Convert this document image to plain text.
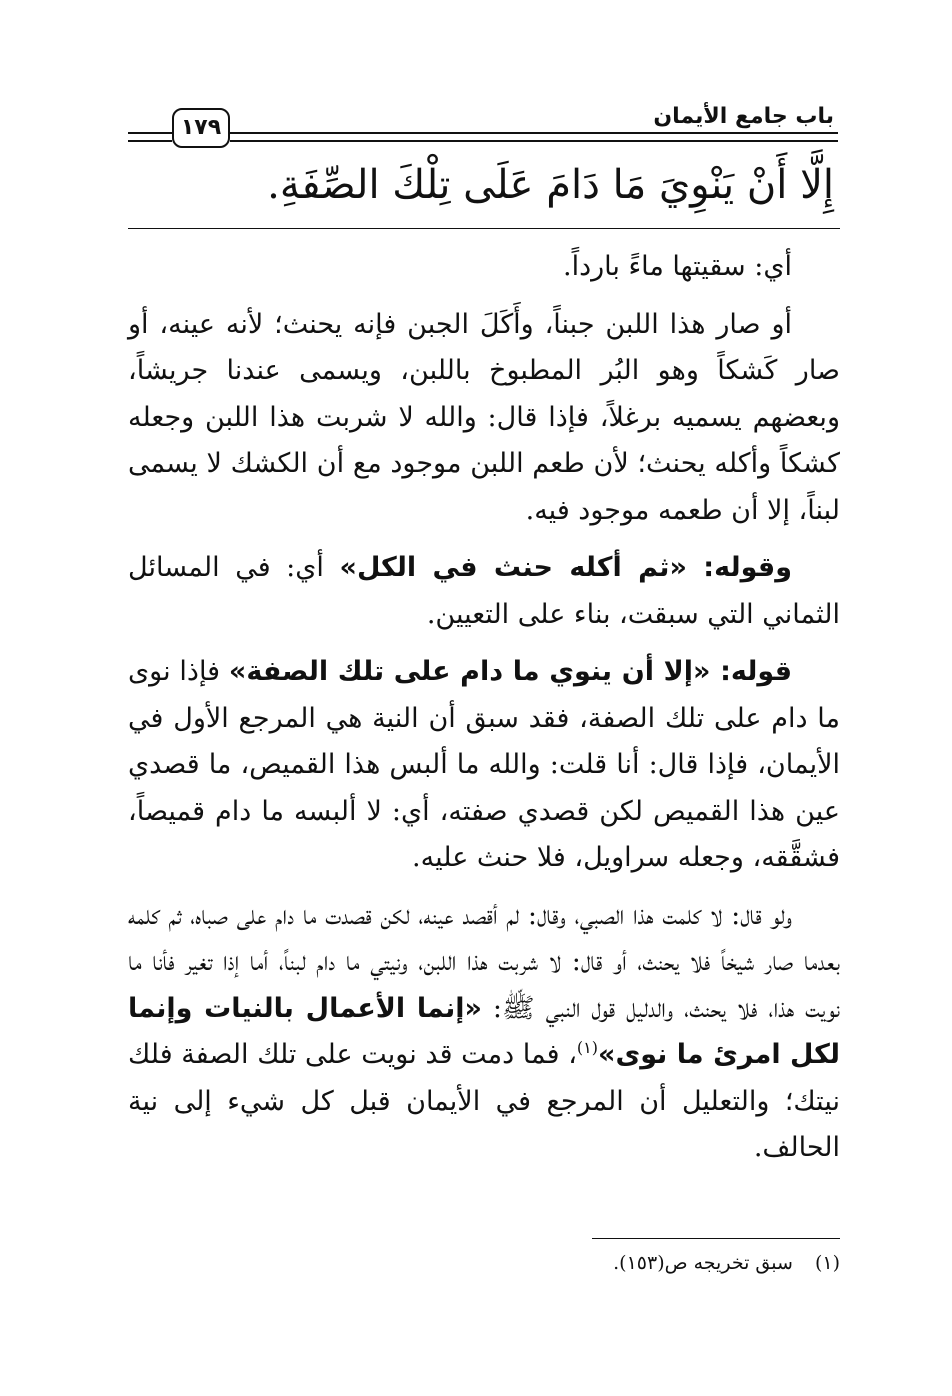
باب جامع الأيمان
١٧٩
إِلَّا أَنْ يَنْوِيَ مَا دَامَ عَلَى تِلْكَ الصِّفَةِ.

أي: سقيتها ماءً بارداً.

أو صار هذا اللبن جبناً، وأَكَلَ الجبن فإنه يحنث؛ لأنه عينه، أو صار كَشكاً وهو البُر المطبوخ باللبن، ويسمى عندنا جريشاً، وبعضهم يسميه برغلاً، فإذا قال: والله لا شربت هذا اللبن وجعله كشكاً وأكله يحنث؛ لأن طعم اللبن موجود مع أن الكشك لا يسمى لبناً، إلا أن طعمه موجود فيه.

وقوله: «ثم أكله حنث في الكل» أي: في المسائل الثماني التي سبقت، بناء على التعيين.

قوله: «إلا أن ينوي ما دام على تلك الصفة» فإذا نوى ما دام على تلك الصفة، فقد سبق أن النية هي المرجع الأول في الأيمان، فإذا قال: أنا قلت: والله ما ألبس هذا القميص، ما قصدي عين هذا القميص لكن قصدي صفته، أي: لا ألبسه ما دام قميصاً، فشقَّقه، وجعله سراويل، فلا حنث عليه.

ولو قال: لا كلمت هذا الصبي، وقال: لم أقصد عينه، لكن قصدت ما دام على صباه، ثم كلمه بعدما صار شيخاً فلا يحنث، أو قال: لا شربت هذا اللبن، ونيتي ما دام لبناً، أما إذا تغير فأنا ما نويت هذا، فلا يحنث، والدليل قول النبي ﷺ: «إنما الأعمال بالنيات وإنما لكل امرئ ما نوى»$^{(١)}$، فما دمت قد نويت على تلك الصفة فلك نيتك؛ والتعليل أن المرجع في الأيمان قبل كل شيء إلى نية الحالف.

(١)سبق تخريجه ص(١٥٣).
